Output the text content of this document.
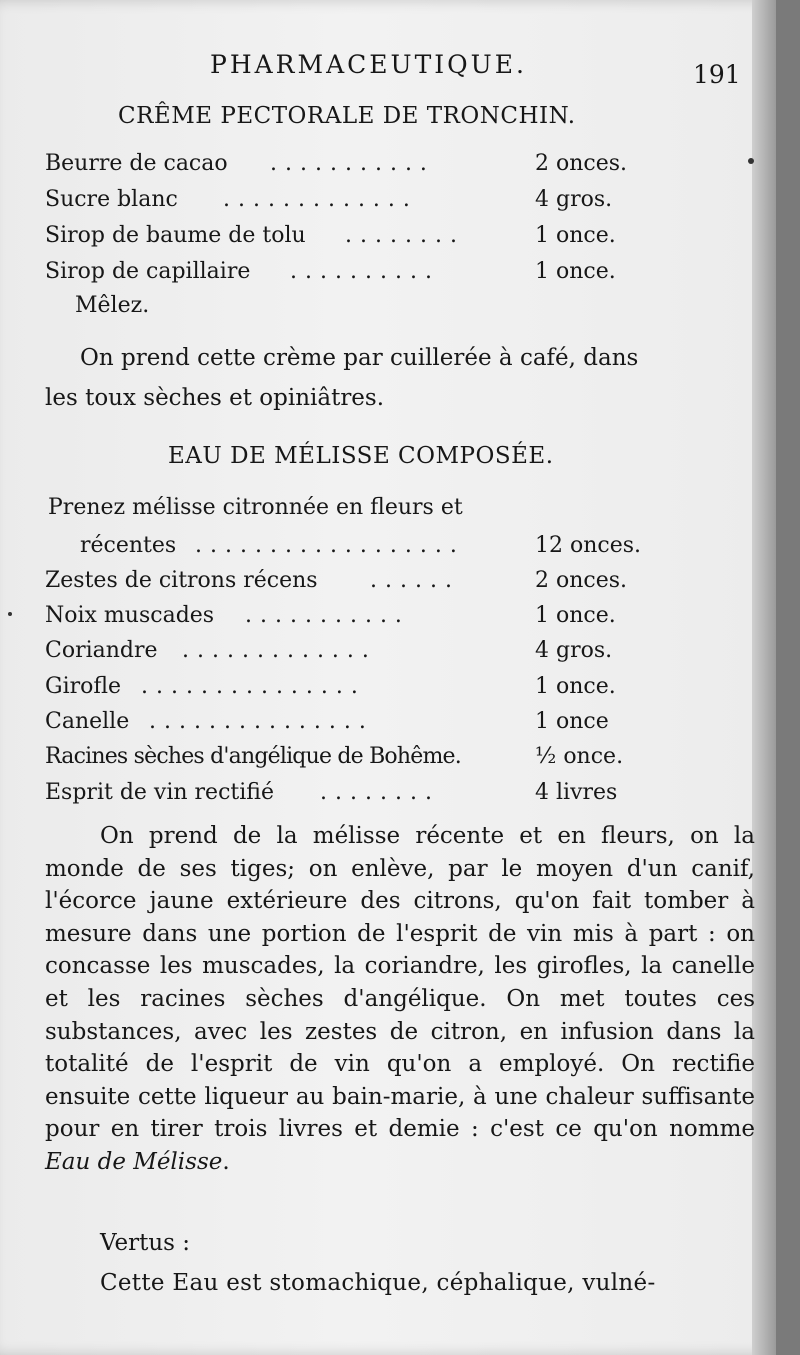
PHARMACEUTIQUE.	191
CRÊME PECTORALE DE TRONCHIN.
Beurre de cacao ...........	2 onces.
Sucre blanc .............	4 gros.
Sirop de baume de tolu ........	1 once.
Sirop de capillaire ..........	1 once.
Mêlez.
On prend cette crème par cuillerée à café, dans
les toux sèches et opiniâtres.
EAU DE MÉLISSE COMPOSÉE.
Prenez mélisse citronnée en fleurs et
récentes ..................	12 onces.
Zestes de citrons récens ......	2 onces.
Noix muscades ...........	1 once.
Coriandre .............	4 gros.
Girofle ...............	1 once.
Canelle ...............	1 once
Racines sèches d'angélique de Bohême.	½ once.
Esprit de vin rectifié ........	4 livres

On prend de la mélisse récente et en fleurs, on la monde de ses tiges; on enlève, par le moyen d'un canif, l'écorce jaune extérieure des citrons, qu'on fait tomber à mesure dans une portion de l'esprit de vin mis à part : on concasse les muscades, la coriandre, les girofles, la canelle et les racines sèches d'angélique. On met toutes ces substances, avec les zestes de citron, en infusion dans la totalité de l'esprit de vin qu'on a employé. On rectifie ensuite cette liqueur au bain-marie, à une chaleur suffisante pour en tirer trois livres et demie : c'est ce qu'on nomme Eau de Mélisse.

Vertus :
Cette Eau est stomachique, céphalique, vulné-
